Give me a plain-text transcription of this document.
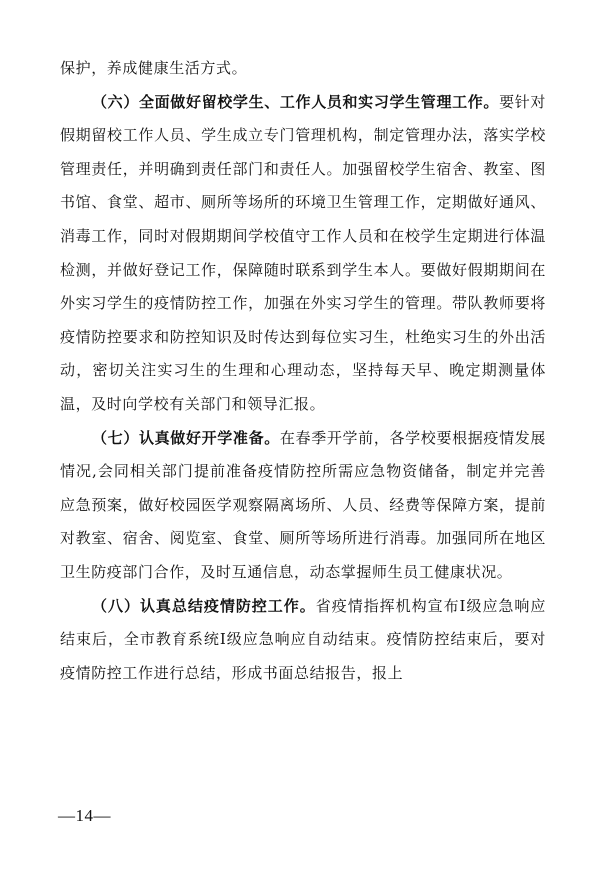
保护，养成健康生活方式。

（六）全面做好留校学生、工作人员和实习学生管理工作。要针对假期留校工作人员、学生成立专门管理机构，制定管理办法，落实学校管理责任，并明确到责任部门和责任人。加强留校学生宿舍、教室、图书馆、食堂、超市、厕所等场所的环境卫生管理工作，定期做好通风、消毒工作，同时对假期期间学校值守工作人员和在校学生定期进行体温检测，并做好登记工作，保障随时联系到学生本人。要做好假期期间在外实习学生的疫情防控工作，加强在外实习学生的管理。带队教师要将疫情防控要求和防控知识及时传达到每位实习生，杜绝实习生的外出活动，密切关注实习生的生理和心理动态，坚持每天早、晚定期测量体温，及时向学校有关部门和领导汇报。

（七）认真做好开学准备。在春季开学前，各学校要根据疫情发展情况,会同相关部门提前准备疫情防控所需应急物资储备，制定并完善应急预案，做好校园医学观察隔离场所、人员、经费等保障方案，提前对教室、宿舍、阅览室、食堂、厕所等场所进行消毒。加强同所在地区卫生防疫部门合作，及时互通信息，动态掌握师生员工健康状况。

（八）认真总结疫情防控工作。省疫情指挥机构宣布Ⅰ级应急响应结束后，全市教育系统Ⅰ级应急响应自动结束。疫情防控结束后，要对疫情防控工作进行总结，形成书面总结报告，报上

—14—
